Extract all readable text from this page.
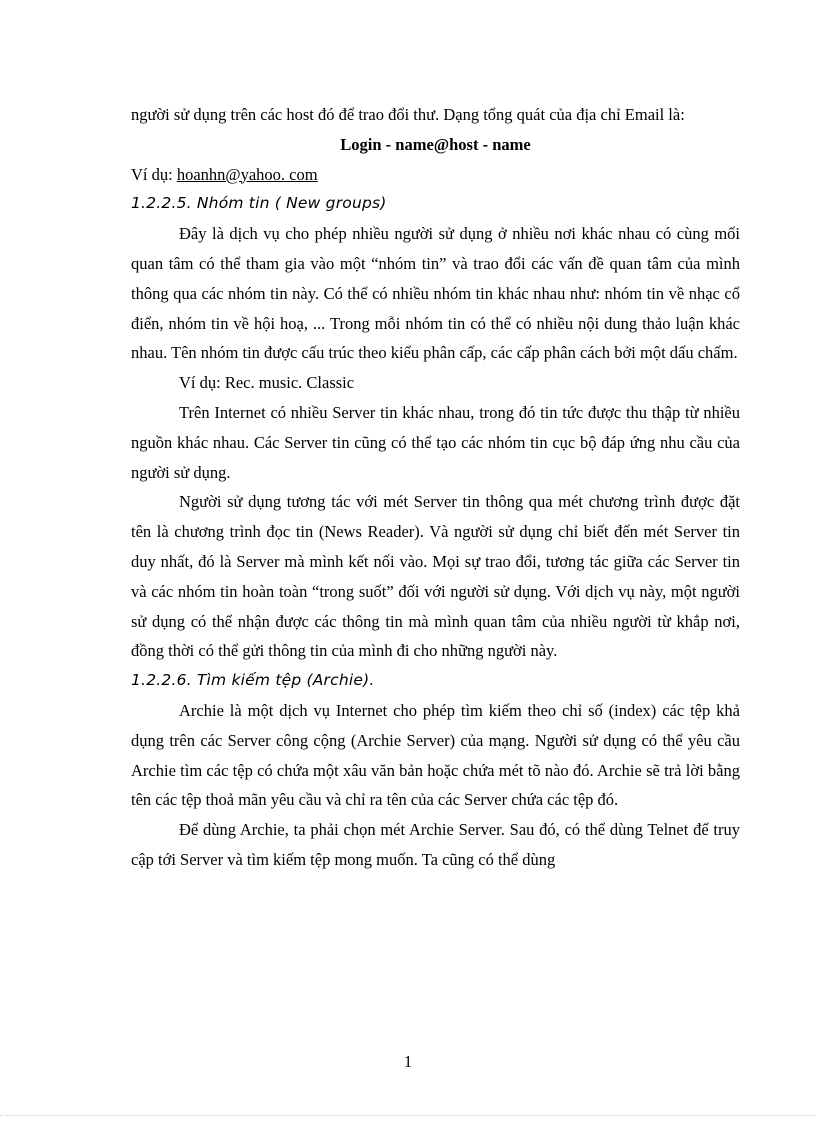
người sử dụng trên các host đó để trao đổi thư. Dạng tổng quát của địa chỉ Email là:

Login - name@host - name

Ví dụ: hoanhn@yahoo. com

1.2.2.5. Nhóm tin ( New groups)

Đây là dịch vụ cho phép nhiều người sử dụng ở nhiều nơi khác nhau có cùng mối quan tâm có thể tham gia vào một “nhóm tin” và trao đổi các vấn đề quan tâm của mình thông qua các nhóm tin này. Có thể có nhiều nhóm tin khác nhau như: nhóm tin về nhạc cổ điển, nhóm tin về hội hoạ, ... Trong mỗi nhóm tin có thể có nhiều nội dung thảo luận khác nhau. Tên nhóm tin được cấu trúc theo kiểu phân cấp, các cấp phân cách bởi một dấu chấm.

Ví dụ: Rec. music. Classic

Trên Internet có nhiều Server tin khác nhau, trong đó tin tức được thu thập từ nhiều nguồn khác nhau. Các Server tin cũng có thể tạo các nhóm tin cục bộ đáp ứng nhu cầu của người sử dụng.

Người sử dụng tương tác với mét Server tin thông qua mét chương trình được đặt tên là chương trình đọc tin (News Reader). Và người sử dụng chỉ biết đến mét Server tin duy nhất, đó là Server mà mình kết nối vào. Mọi sự trao đổi, tương tác giữa các Server tin và các nhóm tin hoàn toàn “trong suốt” đối với người sử dụng. Với dịch vụ này, một người sử dụng có thể nhận được các thông tin mà mình quan tâm của nhiều người từ khắp nơi, đồng thời có thể gửi thông tin của mình đi cho những người này.

1.2.2.6. Tìm kiếm tệp (Archie).

Archie là một dịch vụ Internet cho phép tìm kiếm theo chỉ số (index) các tệp khả dụng trên các Server công cộng (Archie Server) của mạng. Người sử dụng có thể yêu cầu Archie tìm các tệp có chứa một xâu văn bản hoặc chứa mét tõ nào đó. Archie sẽ trả lời bằng tên các tệp thoả mãn yêu cầu và chỉ ra tên của các Server chứa các tệp đó.

Để dùng Archie, ta phải chọn mét Archie Server. Sau đó, có thể dùng Telnet để truy cập tới Server và tìm kiếm tệp mong muốn. Ta cũng có thể dùng

1
